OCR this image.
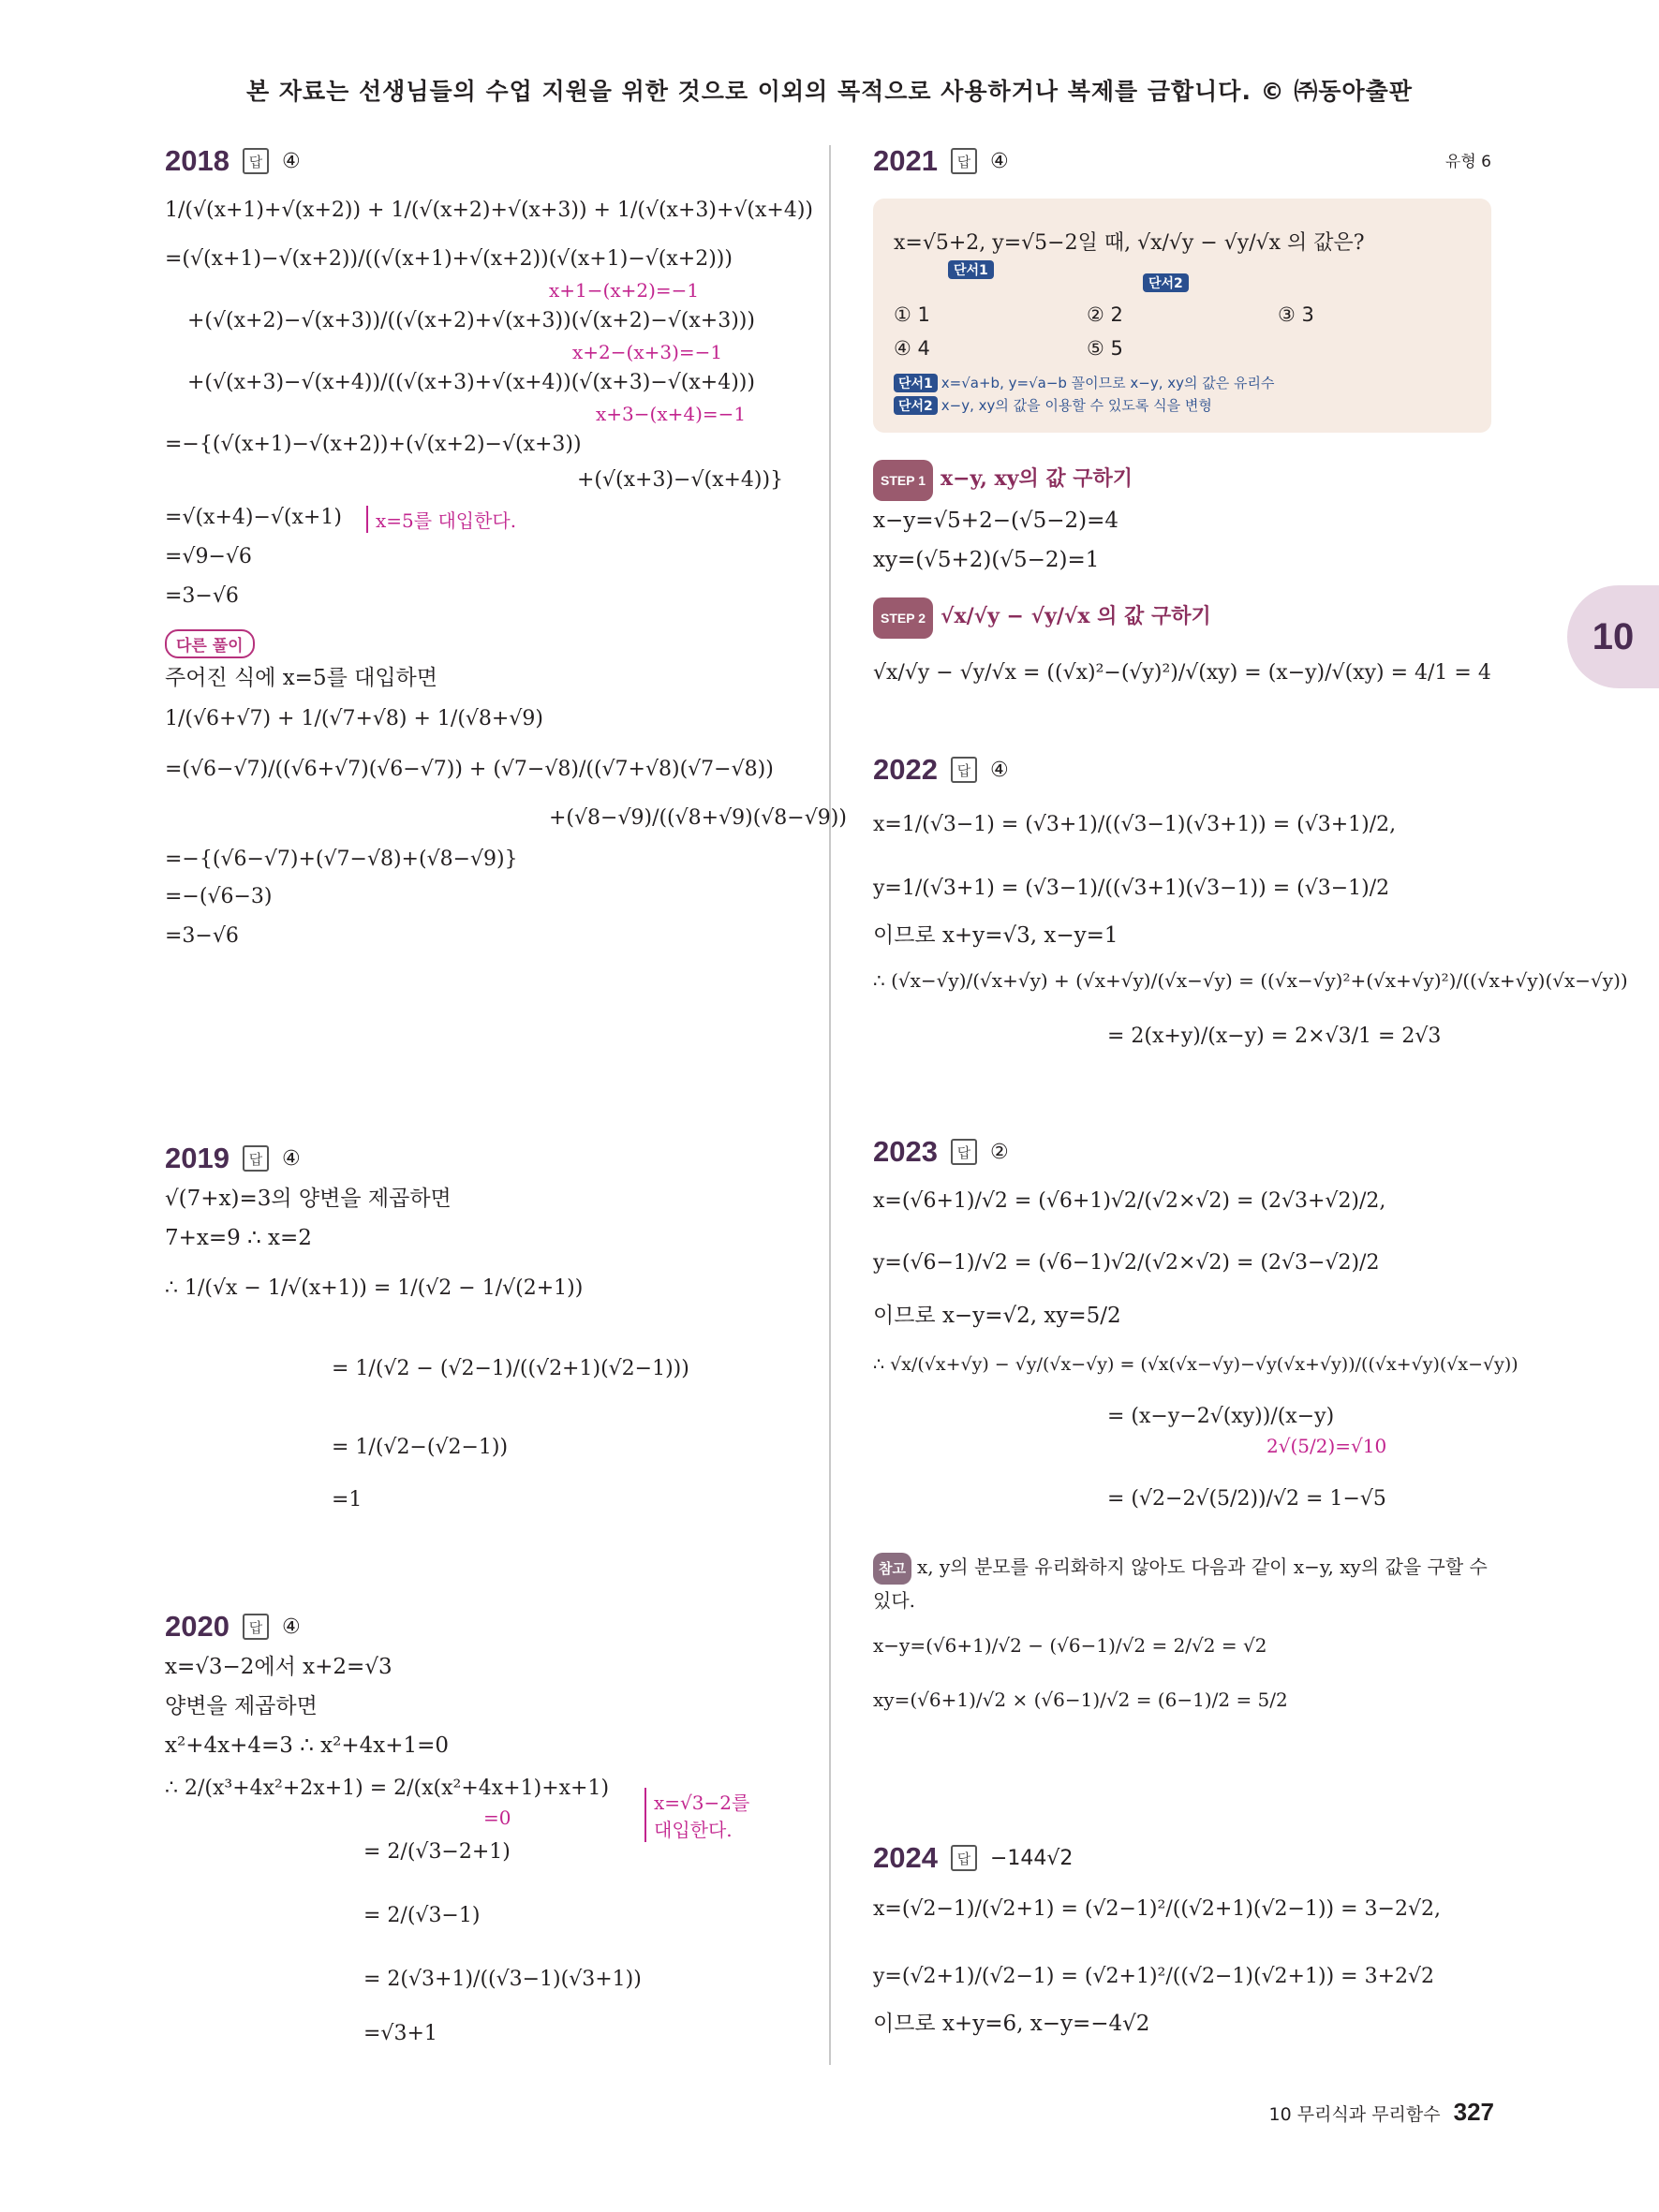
본 자료는 선생님들의 수업 지원을 위한 것으로 이외의 목적으로 사용하거나 복제를 금합니다. © ㈜동아출판
10
2018	답 ④
1/(√(x+1)+√(x+2)) + 1/(√(x+2)+√(x+3)) + 1/(√(x+3)+√(x+4))
=(√(x+1)−√(x+2))/((√(x+1)+√(x+2))(√(x+1)−√(x+2)))
x+1−(x+2)=−1
+(√(x+2)−√(x+3))/((√(x+2)+√(x+3))(√(x+2)−√(x+3)))
x+2−(x+3)=−1
+(√(x+3)−√(x+4))/((√(x+3)+√(x+4))(√(x+3)−√(x+4)))
x+3−(x+4)=−1
=−{(√(x+1)−√(x+2))+(√(x+2)−√(x+3))
+(√(x+3)−√(x+4))}
=√(x+4)−√(x+1)
=√9−√6
=3−√6
x=5를 대입한다.
다른 풀이
주어진 식에 x=5를 대입하면
1/(√6+√7) + 1/(√7+√8) + 1/(√8+√9)
=(√6−√7)/((√6+√7)(√6−√7)) + (√7−√8)/((√7+√8)(√7−√8))
+(√8−√9)/((√8+√9)(√8−√9))
=−{(√6−√7)+(√7−√8)+(√8−√9)}
=−(√6−3)
=3−√6
2019	답 ④
√(7+x)=3의 양변을 제곱하면
7+x=9 ∴ x=2
∴ 1/(√x − 1/√(x+1)) = 1/(√2 − 1/√(2+1))
= 1/(√2 − (√2−1)/((√2+1)(√2−1)))
= 1/(√2−(√2−1))
=1
2020	답 ④
x=√3−2에서 x+2=√3
양변을 제곱하면
x²+4x+4=3 ∴ x²+4x+1=0
∴ 2/(x³+4x²+2x+1) = 2/(x(x²+4x+1)+x+1)
=0
= 2/(√3−2+1)
= 2/(√3−1)
= 2(√3+1)/((√3−1)(√3+1))
=√3+1
x=√3−2를
대입한다.
2021	답 ④	유형 6
x=√5+2, y=√5−2일 때, √x/√y − √y/√x 의 값은?
단서1
단서2
① 1	② 2	③ 3
④ 4	⑤ 5
단서1 x=√a+b, y=√a−b 꼴이므로 x−y, xy의 값은 유리수
단서2 x−y, xy의 값을 이용할 수 있도록 식을 변형
STEP 1 x−y, xy의 값 구하기
x−y=√5+2−(√5−2)=4
xy=(√5+2)(√5−2)=1
STEP 2 √x/√y − √y/√x 의 값 구하기
√x/√y − √y/√x = ((√x)²−(√y)²)/√(xy) = (x−y)/√(xy) = 4/1 = 4
2022	답 ④
x=1/(√3−1) = (√3+1)/((√3−1)(√3+1)) = (√3+1)/2,
y=1/(√3+1) = (√3−1)/((√3+1)(√3−1)) = (√3−1)/2
이므로 x+y=√3, x−y=1
∴ (√x−√y)/(√x+√y) + (√x+√y)/(√x−√y) = ((√x−√y)²+(√x+√y)²)/((√x+√y)(√x−√y))
= 2(x+y)/(x−y) = 2×√3/1 = 2√3
2023	답 ②
x=(√6+1)/√2 = (√6+1)√2/(√2×√2) = (2√3+√2)/2,
y=(√6−1)/√2 = (√6−1)√2/(√2×√2) = (2√3−√2)/2
이므로 x−y=√2, xy=5/2
∴ √x/(√x+√y) − √y/(√x−√y) = (√x(√x−√y)−√y(√x+√y))/((√x+√y)(√x−√y))
= (x−y−2√(xy))/(x−y)
2√(5/2)=√10
= (√2−2√(5/2))/√2 = 1−√5
참고 x, y의 분모를 유리화하지 않아도 다음과 같이 x−y, xy의 값을 구할 수 있다.
x−y=(√6+1)/√2 − (√6−1)/√2 = 2/√2 = √2
xy=(√6+1)/√2 × (√6−1)/√2 = (6−1)/2 = 5/2
2024	답 −144√2
x=(√2−1)/(√2+1) = (√2−1)²/((√2+1)(√2−1)) = 3−2√2,
y=(√2+1)/(√2−1) = (√2+1)²/((√2−1)(√2+1)) = 3+2√2
이므로 x+y=6, x−y=−4√2
10 무리식과 무리함수 327
